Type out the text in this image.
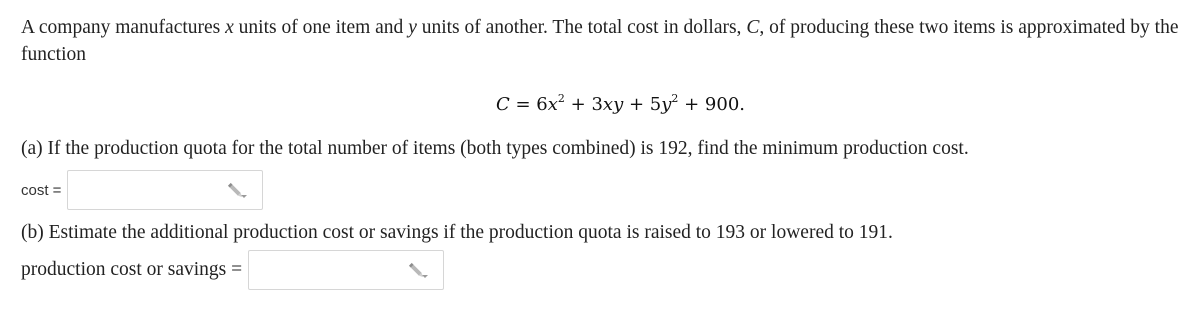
A company manufactures x units of one item and y units of another. The total cost in dollars, C, of producing these two items is approximated by the function

$C = 6x^2 + 3xy + 5y^2 + 900$.
(a) If the production quota for the total number of items (both types combined) is 192, find the minimum production cost.
cost =
(b) Estimate the additional production cost or savings if the production quota is raised to 193 or lowered to 191.
production cost or savings =
